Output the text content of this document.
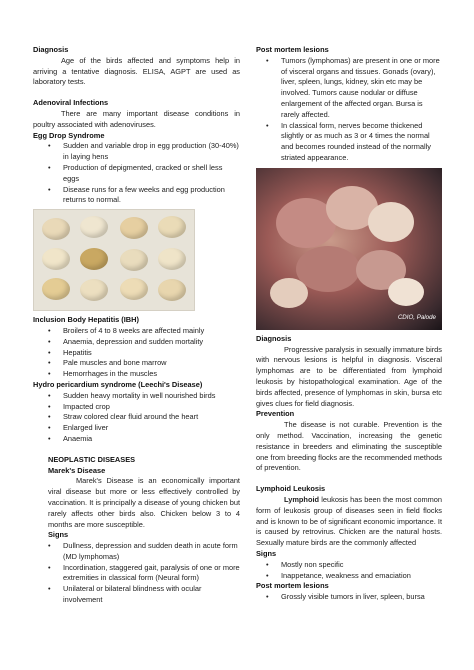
Diagnosis
Age of the birds affected and symptoms help in arriving a tentative diagnosis. ELISA, AGPT are used as laboratory tests.
Adenoviral Infections
There are many important disease conditions in poultry associated with adenoviruses.
Egg Drop Syndrome
• Sudden and variable drop in egg production (30-40%) in laying hens
• Production of depigmented, cracked or shell less eggs
• Disease runs for a few weeks and egg production returns to normal.
Inclusion Body Hepatitis (IBH)
• Broilers of 4 to 8 weeks are affected mainly
• Anaemia, depression and sudden mortality
• Hepatitis
• Pale muscles and bone marrow
• Hemorrhages in the muscles
Hydro pericardium syndrome (Leechi's Disease)
• Sudden heavy mortality in well nourished birds
• Impacted crop
• Straw colored clear fluid around the heart
• Enlarged liver
• Anaemia
NEOPLASTIC DISEASES
Marek's Disease
Marek's Disease is an economically important viral disease but more or less effectively controlled by vaccination. It is principally a disease of young chicken but rarely affects other birds also. Chicken below 3 to 4 months are more susceptible.
Signs
• Dullness, depression and sudden death in acute form (MD lymphomas)
• Incordination, staggered gait, paralysis of one or more extremities in classical form (Neural form)
• Unilateral or bilateral blindness with ocular involvement
Post mortem lesions
• Tumors (lymphomas) are present in one or more of visceral organs and tissues. Gonads (ovary), liver, spleen, lungs, kidney, skin etc may be involved. Tumors cause nodular or diffuse enlargement of the affected organ. Bursa is rarely affected.
• In classical form, nerves become thickened slightly or as much as 3 or 4 times the normal and becomes rounded instead of the normally striated appearance.
CDIO, Palode
Diagnosis
Progressive paralysis in sexually immature birds with nervous lesions is helpful in diagnosis. Visceral lymphomas are to be differentiated from lymphoid leukosis by histopathological examination. Age of the birds affected, presence of lymphomas in skin, bursa etc gives clues for field diagnosis.
Prevention
The disease is not curable. Prevention is the only method. Vaccination, increasing the genetic resistance in breeders and eliminating the susceptible one from breeding flocks are the recommended methods of prevention.
Lymphoid Leukosis
Lymphoid leukosis has been the most common form of leukosis group of diseases seen in field flocks and is known to be of significant economic importance. It is caused by retrovirus. Chicken are the natural hosts. Sexually mature birds are the commonly affected
Signs
• Mostly non specific
• Inappetance, weakness and emaciation
Post mortem lesions
• Grossly visible tumors in liver, spleen, bursa
